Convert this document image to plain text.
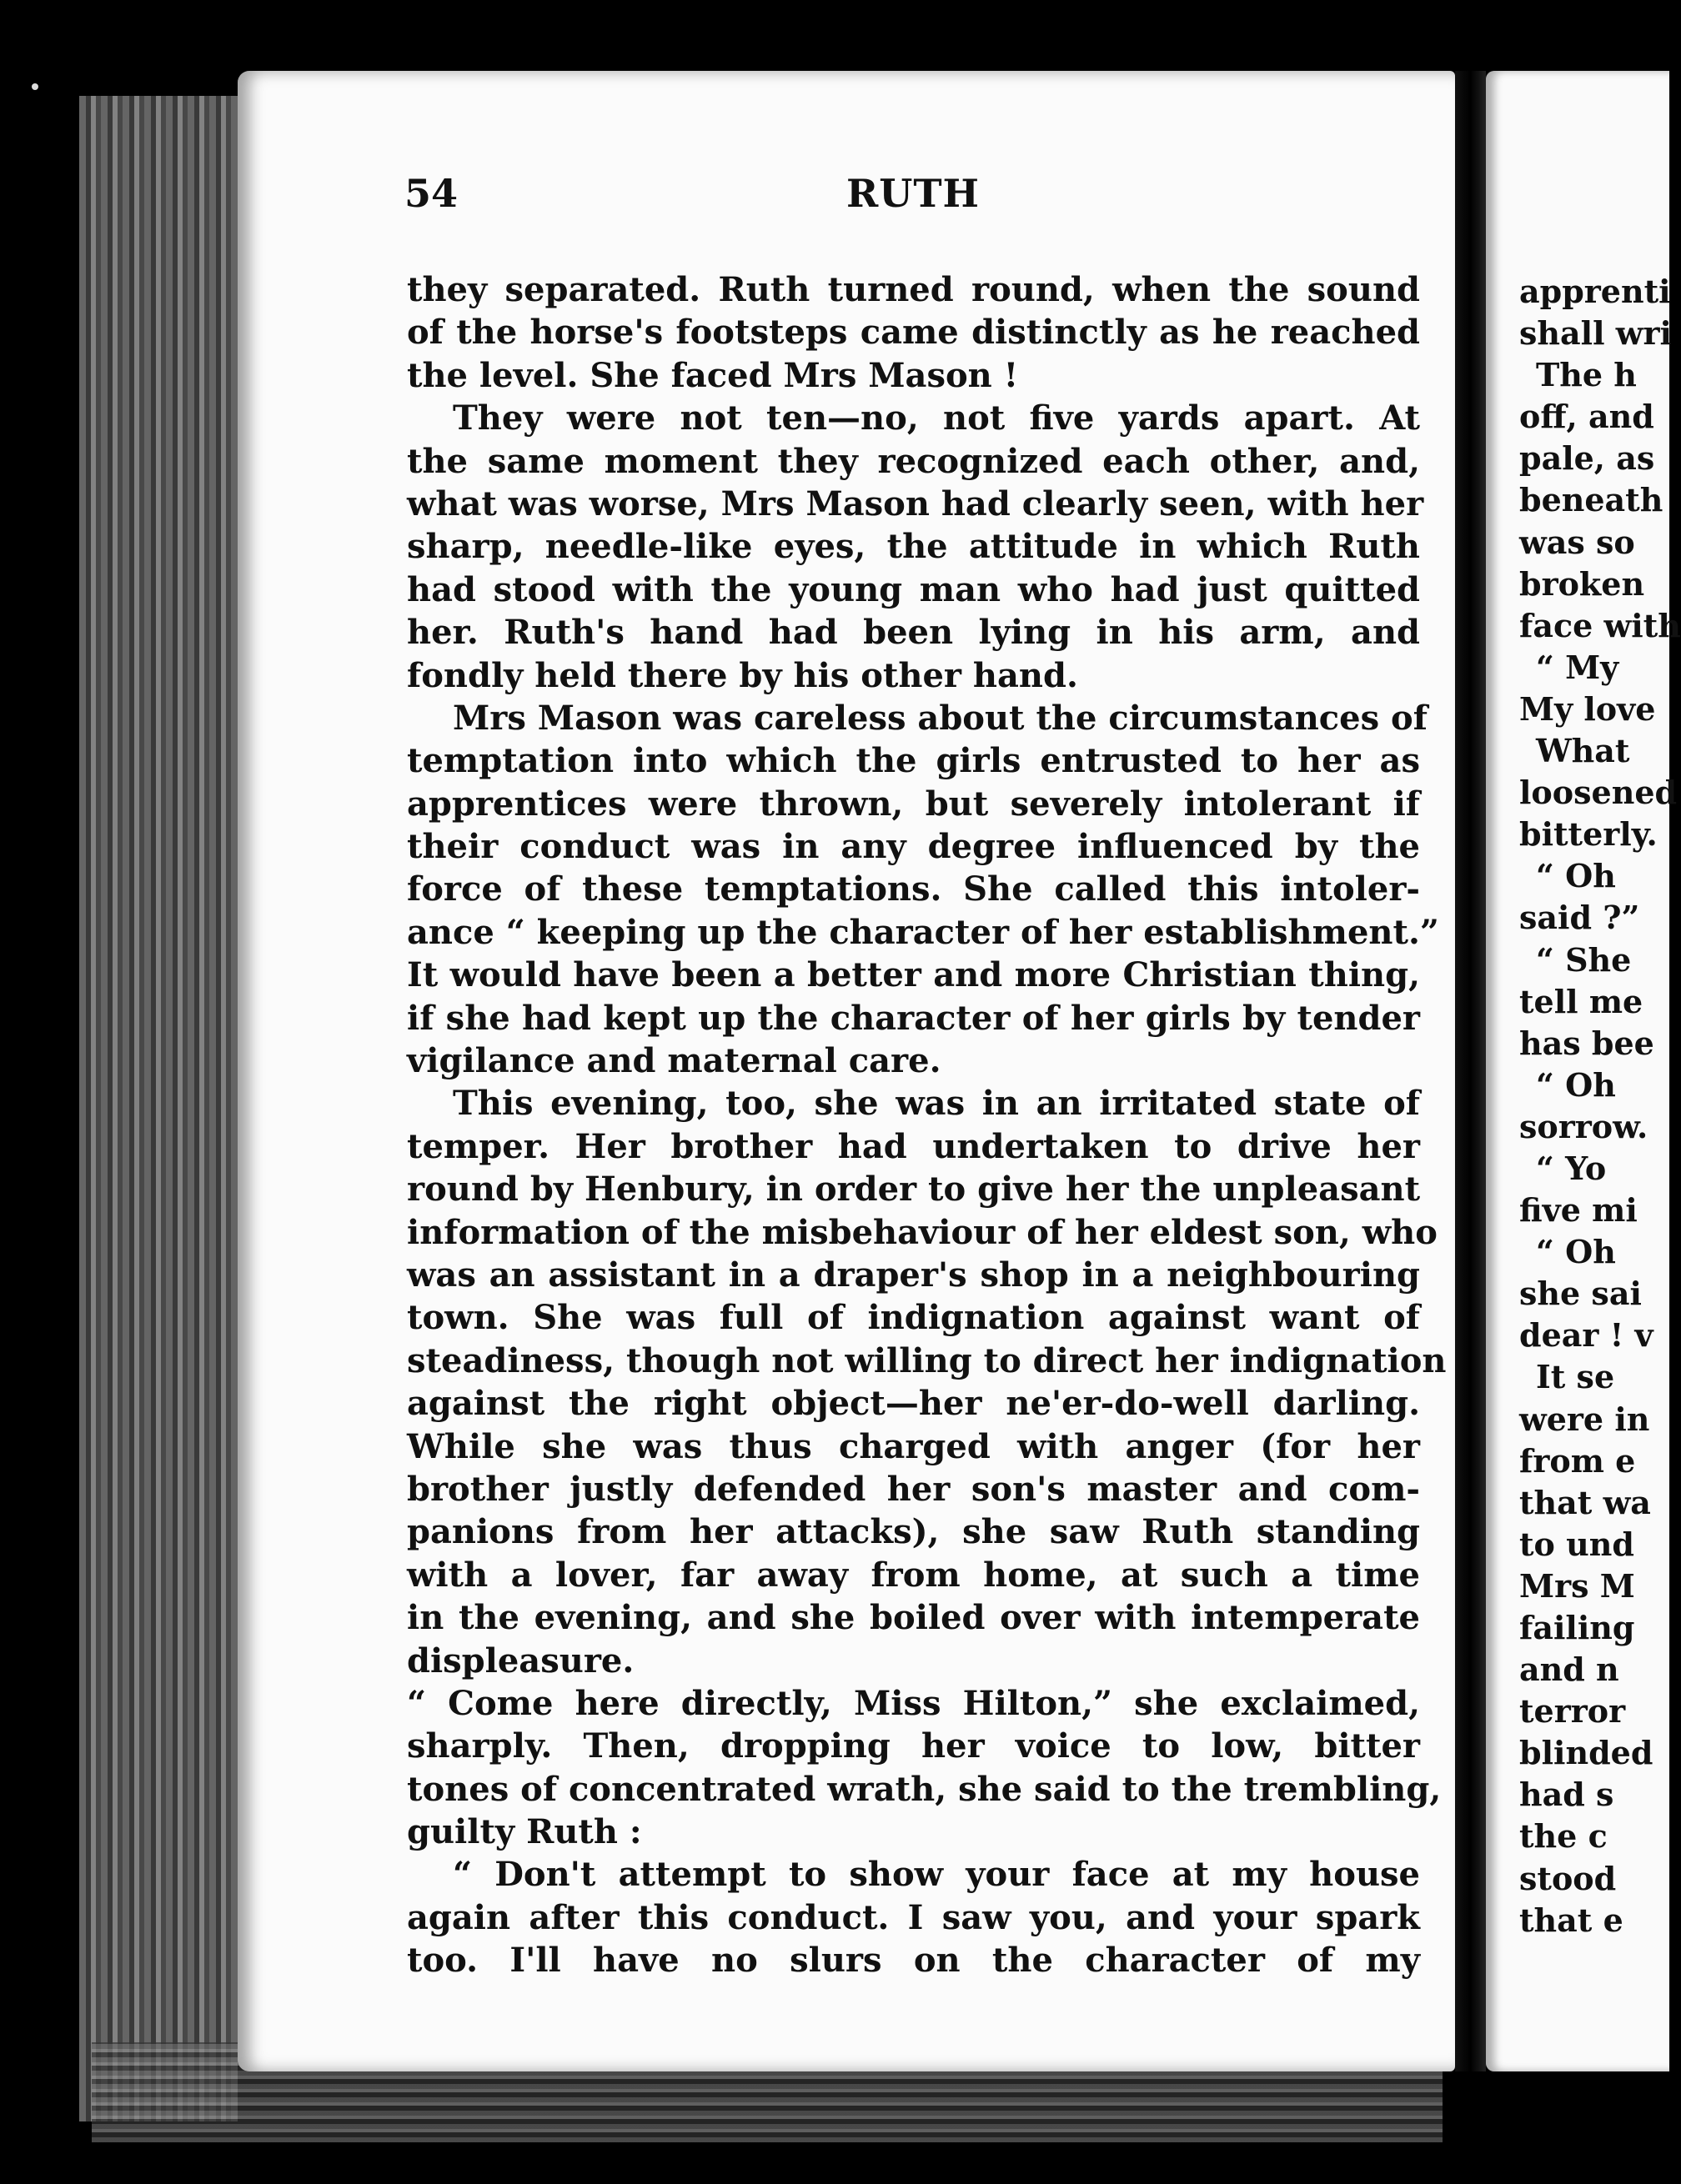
54	RUTH
they separated. Ruth turned round, when the sound
of the horse's footsteps came distinctly as he reached
the level. She faced Mrs Mason !
They were not ten—no, not five yards apart. At
the same moment they recognized each other, and,
what was worse, Mrs Mason had clearly seen, with her
sharp, needle-like eyes, the attitude in which Ruth
had stood with the young man who had just quitted
her. Ruth's hand had been lying in his arm, and
fondly held there by his other hand.
Mrs Mason was careless about the circumstances of
temptation into which the girls entrusted to her as
apprentices were thrown, but severely intolerant if
their conduct was in any degree influenced by the
force of these temptations. She called this intoler-
ance “ keeping up the character of her establishment.”
It would have been a better and more Christian thing,
if she had kept up the character of her girls by tender
vigilance and maternal care.
This evening, too, she was in an irritated state of
temper. Her brother had undertaken to drive her
round by Henbury, in order to give her the unpleasant
information of the misbehaviour of her eldest son, who
was an assistant in a draper's shop in a neighbouring
town. She was full of indignation against want of
steadiness, though not willing to direct her indignation
against the right object—her ne'er-do-well darling.
While she was thus charged with anger (for her
brother justly defended her son's master and com-
panions from her attacks), she saw Ruth standing
with a lover, far away from home, at such a time
in the evening, and she boiled over with intemperate
displeasure.
“ Come here directly, Miss Hilton,” she exclaimed,
sharply. Then, dropping her voice to low, bitter
tones of concentrated wrath, she said to the trembling,
guilty Ruth :
“ Don't attempt to show your face at my house
again after this conduct. I saw you, and your spark
too. I'll have no slurs on the character of my
apprenti
shall wri
The h
off, and
pale, as
beneath
was so
broken
face with
“ My
My love
What
loosened
bitterly.
“ Oh
said ?”
“ She
tell me
has bee
“ Oh
sorrow.
“ Yo
five mi
“ Oh
she sai
dear ! v
It se
were in
from e
that wa
to und
Mrs M
failing
and n
terror
blinded
had s
the c
stood
that e
